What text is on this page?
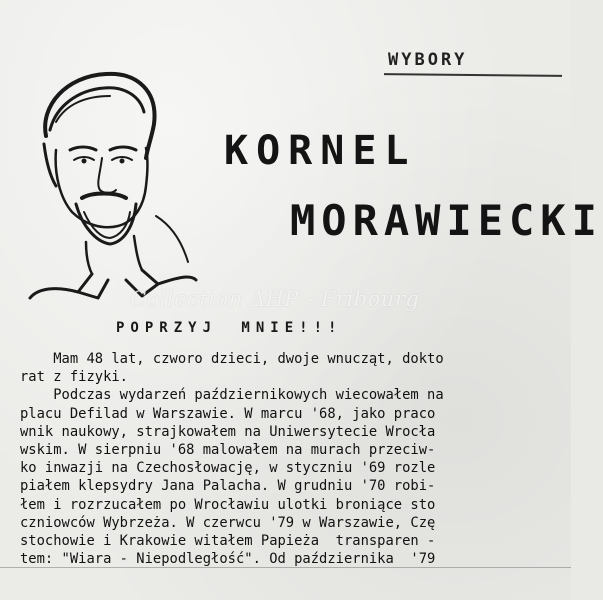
WYBORY
KORNEL
MORAWIECKI
Collection AHP - Fribourg
POPRZYJ MNIE!!!
Mam 48 lat, czworo dzieci, dwoje wnucząt, dokto
rat z fizyki.
Podczas wydarzeń październikowych wiecowałem na
placu Defilad w Warszawie. W marcu '68, jako praco
wnik naukowy, strajkowałem na Uniwersytecie Wrocła
wskim. W sierpniu '68 malowałem na murach przeciw-
ko inwazji na Czechosłowację, w styczniu '69 rozle
piałem klepsydry Jana Palacha. W grudniu '70 robi-
łem i rozrzucałem po Wrocławiu ulotki broniące sto
czniowców Wybrzeża. W czerwcu '79 w Warszawie, Czę
stochowie i Krakowie witałem Papieża  transparen -
tem: "Wiara - Niepodległość". Od października  '79
